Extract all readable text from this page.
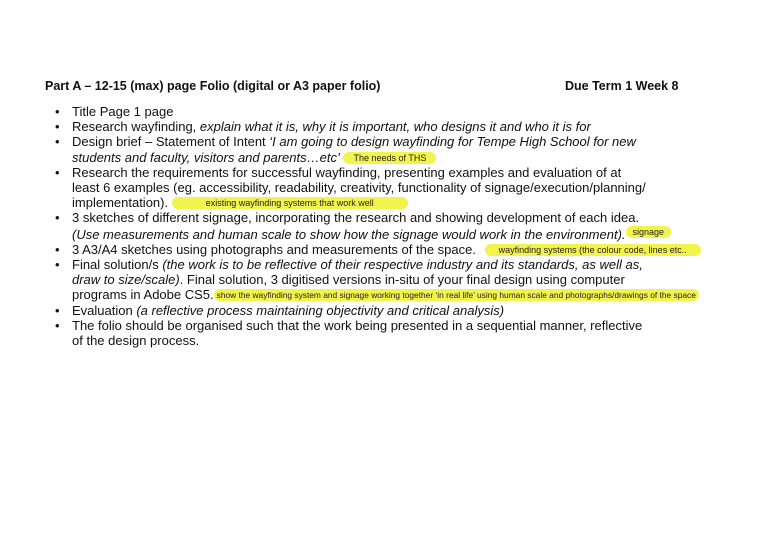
Part A – 12-15 (max) page Folio (digital or A3 paper folio)	Due Term 1 Week 8
• Title Page 1 page
• Research wayfinding, explain what it is, why it is important, who designs it and who it is for
• Design brief – Statement of Intent ‘I am going to design wayfinding for Tempe High School for new
students and faculty, visitors and parents…etc’ The needs of THS
• Research the requirements for successful wayfinding, presenting examples and evaluation of at
least 6 examples (eg. accessibility, readability, creativity, functionality of signage/execution/planning/
implementation).	existing wayfinding systems that work well
• 3 sketches of different signage, incorporating the research and showing development of each idea.
(Use measurements and human scale to show how the signage would work in the environment). signage
• 3 A3/A4 sketches using photographs and measurements of the space.	wayfinding systems (the colour code, lines etc..
• Final solution/s (the work is to be reflective of their respective industry and its standards, as well as,
draw to size/scale). Final solution, 3 digitised versions in-situ of your final design using computer
programs in Adobe CS5. show the wayfinding system and signage working together ‘in real life’ using human scale and photographs/drawings of the space
• Evaluation (a reflective process maintaining objectivity and critical analysis)
• The folio should be organised such that the work being presented in a sequential manner, reflective
of the design process.
